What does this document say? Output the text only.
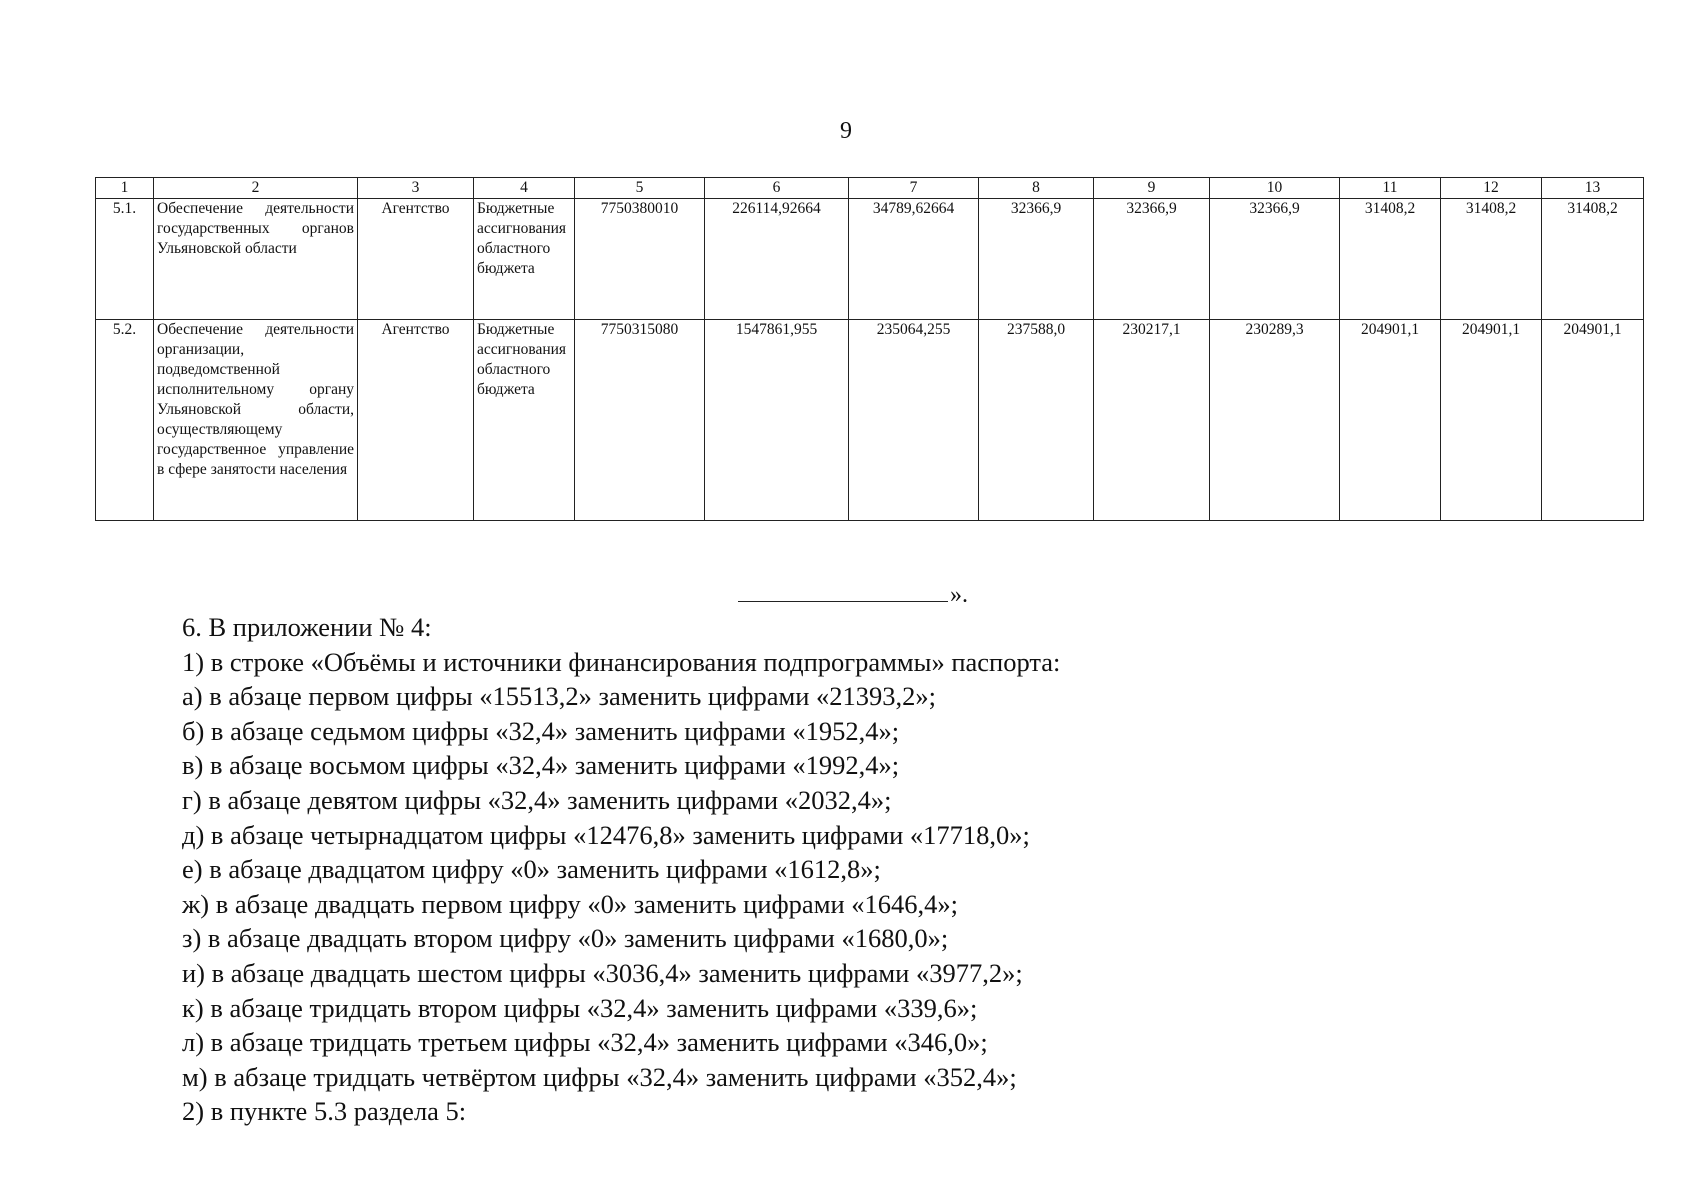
9
1	2	3	4	5	6	7	8	9	10	11	12	13
5.1.	Обеспечение деятельности государственных органов Ульяновской области	Агентство	Бюджетные ассигнования областного бюджета	7750380010	226114,92664	34789,62664	32366,9	32366,9	32366,9	31408,2	31408,2	31408,2
5.2.	Обеспечение деятельности организации, подведомственной исполнительному органу Ульяновской области, осуществляющему государственное управление в сфере занятости населения	Агентство	Бюджетные ассигнования областного бюджета	7750315080	1547861,955	235064,255	237588,0	230217,1	230289,3	204901,1	204901,1	204901,1
».

6. В приложении № 4:

1) в строке «Объёмы и источники финансирования подпрограммы» паспорта:

а) в абзаце первом цифры «15513,2» заменить цифрами «21393,2»;

б) в абзаце седьмом цифры «32,4» заменить цифрами «1952,4»;

в) в абзаце восьмом цифры «32,4» заменить цифрами «1992,4»;

г) в абзаце девятом цифры «32,4» заменить цифрами «2032,4»;

д) в абзаце четырнадцатом цифры «12476,8» заменить цифрами «17718,0»;

е) в абзаце двадцатом цифру «0» заменить цифрами «1612,8»;

ж) в абзаце двадцать первом цифру «0» заменить цифрами «1646,4»;

з) в абзаце двадцать втором цифру «0» заменить цифрами «1680,0»;

и) в абзаце двадцать шестом цифры «3036,4» заменить цифрами «3977,2»;

к) в абзаце тридцать втором цифры «32,4» заменить цифрами «339,6»;

л) в абзаце тридцать третьем цифры «32,4» заменить цифрами «346,0»;

м) в абзаце тридцать четвёртом цифры «32,4» заменить цифрами «352,4»;

2) в пункте 5.3 раздела 5:
